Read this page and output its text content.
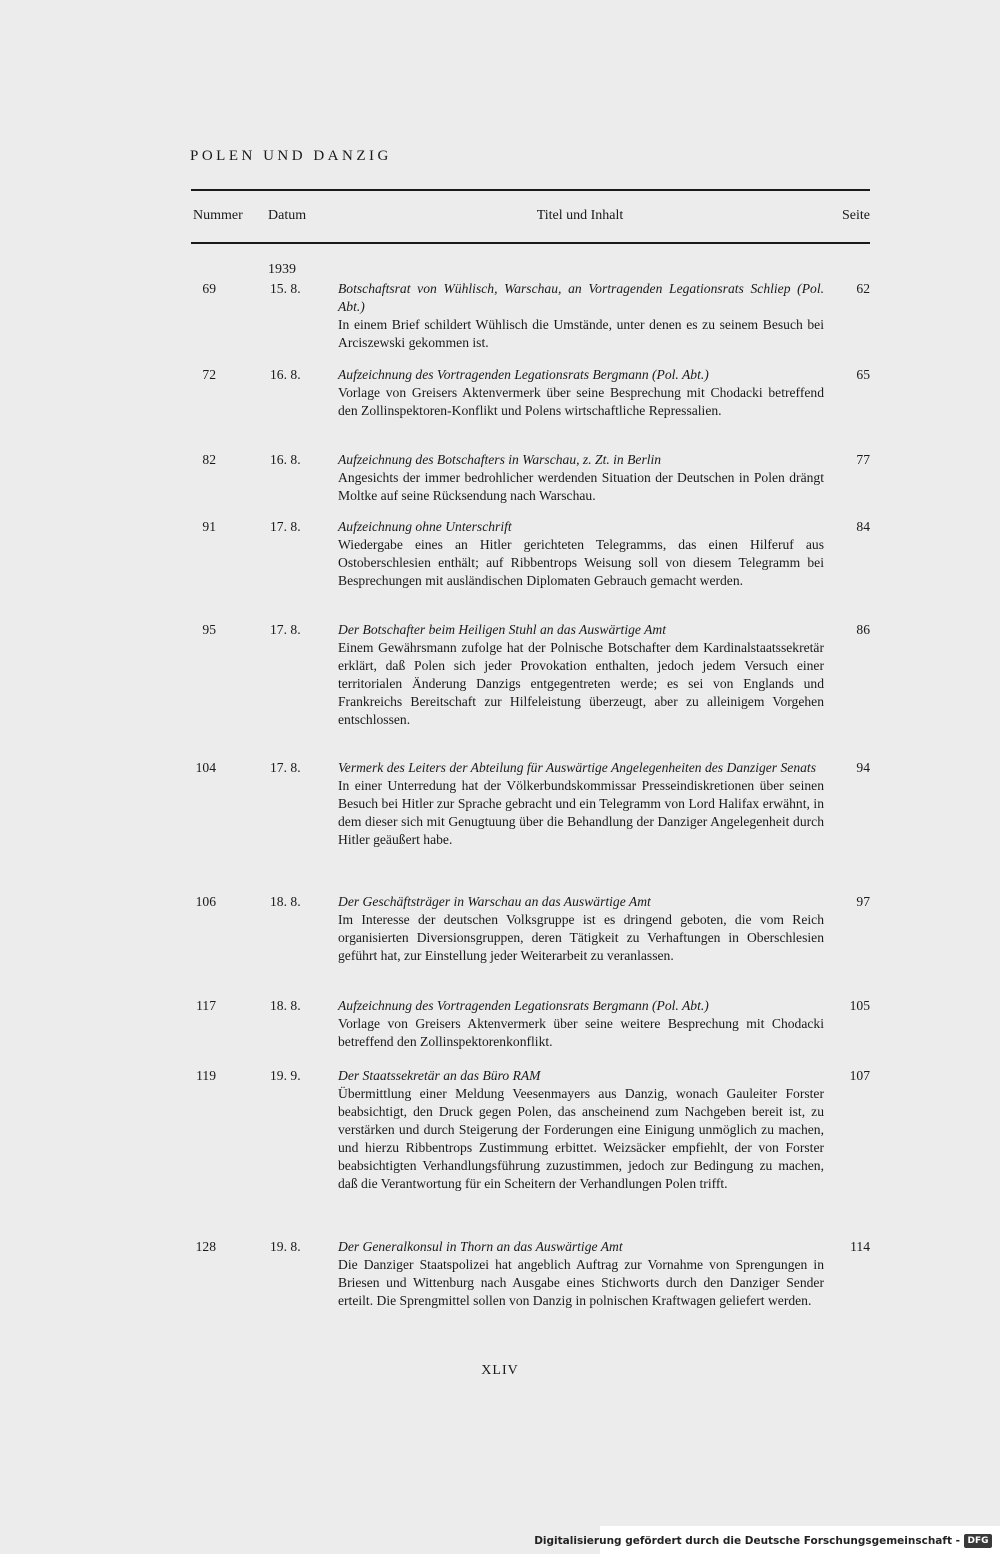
POLEN UND DANZIG
Nummer Datum	Titel und Inhalt	Seite
1939
69	15. 8.	Botschaftsrat von Wühlisch, Warschau, an Vortragenden Legationsrats Schliep (Pol. Abt.)
In einem Brief schildert Wühlisch die Umstände, unter denen es zu seinem Besuch bei Arciszewski gekommen ist.
62
72	16. 8.	Aufzeichnung des Vortragenden Legationsrats Bergmann (Pol. Abt.)
Vorlage von Greisers Aktenvermerk über seine Besprechung mit Chodacki betreffend den Zollinspektoren-Konflikt und Polens wirtschaftliche Repressalien.
65
82	16. 8.	Aufzeichnung des Botschafters in Warschau, z. Zt. in Berlin
Angesichts der immer bedrohlicher werdenden Situation der Deutschen in Polen drängt Moltke auf seine Rücksendung nach Warschau.
77
91	17. 8.	Aufzeichnung ohne Unterschrift
Wiedergabe eines an Hitler gerichteten Telegramms, das einen Hilferuf aus Ostoberschlesien enthält; auf Ribbentrops Weisung soll von diesem Telegramm bei Besprechungen mit ausländischen Diplomaten Gebrauch gemacht werden.
84
95	17. 8.	Der Botschafter beim Heiligen Stuhl an das Auswärtige Amt
Einem Gewährsmann zufolge hat der Polnische Botschafter dem Kardinalstaatssekretär erklärt, daß Polen sich jeder Provokation enthalten, jedoch jedem Versuch einer territorialen Änderung Danzigs entgegentreten werde; es sei von Englands und Frankreichs Bereitschaft zur Hilfeleistung überzeugt, aber zu alleinigem Vorgehen entschlossen.
86
104	17. 8.	Vermerk des Leiters der Abteilung für Auswärtige Angelegenheiten des Danziger Senats
In einer Unterredung hat der Völkerbundskommissar Presseindiskretionen über seinen Besuch bei Hitler zur Sprache gebracht und ein Telegramm von Lord Halifax erwähnt, in dem dieser sich mit Genugtuung über die Behandlung der Danziger Angelegenheit durch Hitler geäußert habe.
94
106	18. 8.	Der Geschäftsträger in Warschau an das Auswärtige Amt
Im Interesse der deutschen Volksgruppe ist es dringend geboten, die vom Reich organisierten Diversionsgruppen, deren Tätigkeit zu Verhaftungen in Oberschlesien geführt hat, zur Einstellung jeder Weiterarbeit zu veranlassen.
97
117	18. 8.	Aufzeichnung des Vortragenden Legationsrats Bergmann (Pol. Abt.)
Vorlage von Greisers Aktenvermerk über seine weitere Besprechung mit Chodacki betreffend den Zollinspektorenkonflikt.
105
119	19. 9.	Der Staatssekretär an das Büro RAM
Übermittlung einer Meldung Veesenmayers aus Danzig, wonach Gauleiter Forster beabsichtigt, den Druck gegen Polen, das anscheinend zum Nachgeben bereit ist, zu verstärken und durch Steigerung der Forderungen eine Einigung unmöglich zu machen, und hierzu Ribbentrops Zustimmung erbittet. Weizsäcker empfiehlt, der von Forster beabsichtigten Verhandlungsführung zuzustimmen, jedoch zur Bedingung zu machen, daß die Verantwortung für ein Scheitern der Verhandlungen Polen trifft.
107
128	19. 8.	Der Generalkonsul in Thorn an das Auswärtige Amt
Die Danziger Staatspolizei hat angeblich Auftrag zur Vornahme von Sprengungen in Briesen und Wittenburg nach Ausgabe eines Stichworts durch den Danziger Sender erteilt. Die Sprengmittel sollen von Danzig in polnischen Kraftwagen geliefert werden.
114
XLIV
Digitalisierung gefördert durch die Deutsche Forschungsgemeinschaft - DFG
